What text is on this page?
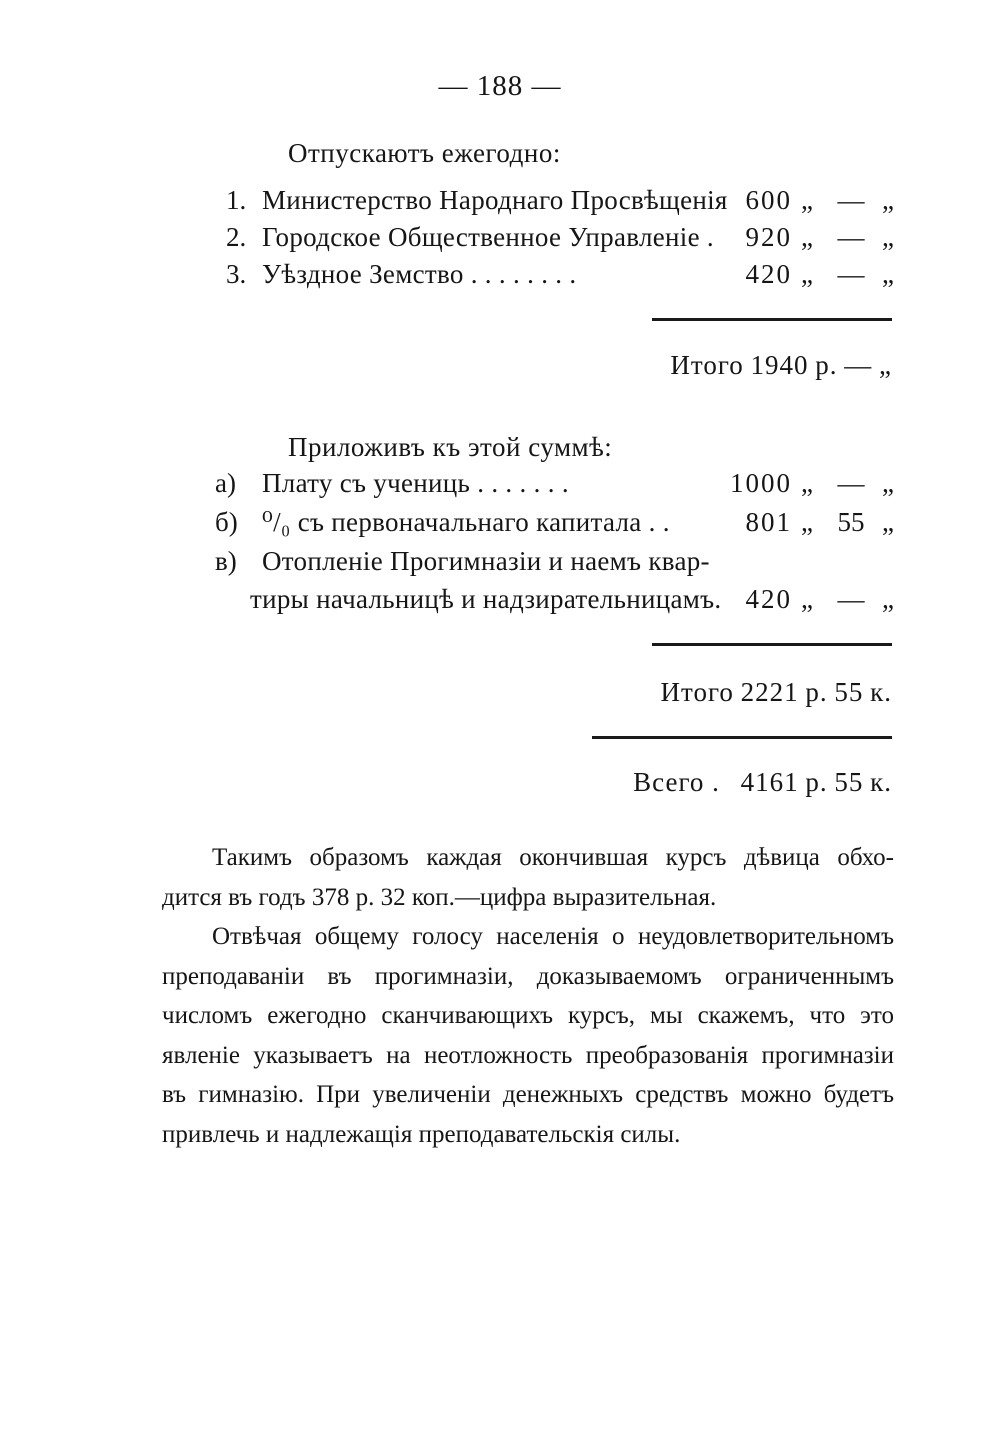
— 188 —
Отпускаютъ ежегодно:
1. Министерство Народнаго Просвѣщенія 600 „ — „
2. Городское Общественное Управленіе . 920 „ — „
3. Уѣздное Земство . . . . . . . .	420 „ — „
Итого 1940 р. — „
Приложивъ къ этой суммѣ:
а) Плату съ учениць . . . . . . .	1000 „ — „
б) ⁰/₀ съ первоначальнаго капитала . .	801 „ 55 „
в) Отопленіе Прогимназіи и наемъ квар-
тиры начальницѣ и надзирательницамъ. 420 „ — „
Итого 2221 р. 55 к.
Всего . 4161 р. 55 к.
Такимъ образомъ каждая окончившая курсъ дѣвица обхо-
дится въ годъ 378 р. 32 коп.—цифра выразительная.
Отвѣчая общему голосу населенія о неудовлетворительномъ
преподаваніи въ прогимназіи, доказываемомъ ограниченнымъ
числомъ ежегодно сканчивающихъ курсъ, мы скажемъ, что это
явленіе указываетъ на неотложность преобразованія прогимназіи
въ гимназію. При увеличеніи денежныхъ средствъ можно будетъ
привлечь и надлежащія преподавательскія силы.
